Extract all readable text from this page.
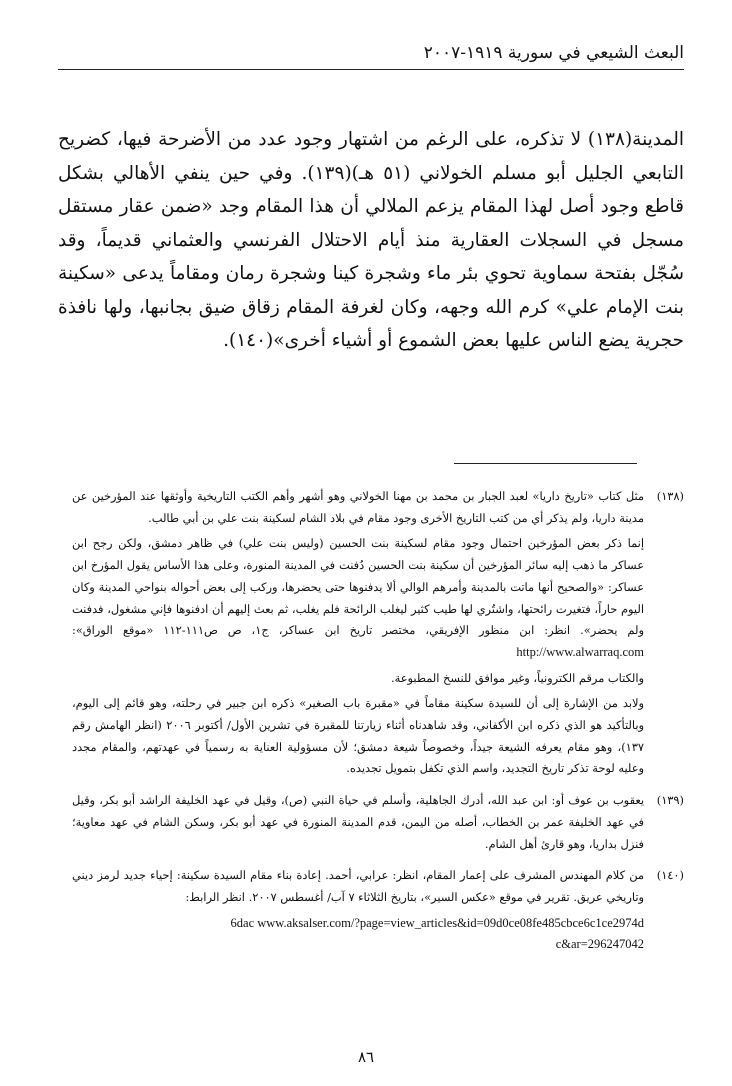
البعث الشيعي في سورية ١٩١٩-٢٠٠٧

المدينة(١٣٨) لا تذكره، على الرغم من اشتهار وجود عدد من الأضرحة فيها، كضريح التابعي الجليل أبو مسلم الخولاني (٥١ هـ)(١٣٩). وفي حين ينفي الأهالي بشكل قاطع وجود أصل لهذا المقام يزعم الملالي أن هذا المقام وجد «ضمن عقار مستقل مسجل في السجلات العقارية منذ أيام الاحتلال الفرنسي والعثماني قديماً، وقد سُجّل بفتحة سماوية تحوي بئر ماء وشجرة كينا وشجرة رمان ومقاماً يدعى «سكينة بنت الإمام علي» كرم الله وجهه، وكان لغرفة المقام زقاق ضيق بجانبها، ولها نافذة حجرية يضع الناس عليها بعض الشموع أو أشياء أخرى»(١٤٠).

(١٣٨)

مثل كتاب «تاريخ داريا» لعبد الجبار بن محمد بن مهنا الخولاني وهو أشهر وأهم الكتب التاريخية وأوثقها عند المؤرخين عن مدينة داريا، ولم يذكر أي من كتب التاريخ الأخرى وجود مقام في بلاد الشام لسكينة بنت علي بن أبي طالب.

إنما ذكر بعض المؤرخين احتمال وجود مقام لسكينة بنت الحسين (وليس بنت علي) في ظاهر دمشق، ولكن رجح ابن عساكر ما ذهب إليه سائر المؤرخين أن سكينة بنت الحسين دُفنت في المدينة المنورة، وعلى هذا الأساس يقول المؤرخ ابن عساكر: «والصحيح أنها ماتت بالمدينة وأمرهم الوالي ألا يدفنوها حتى يحضرها، وركب إلى بعض أحواله بنواحي المدينة وكان اليوم حاراً، فتغيرت رائحتها، واشتُري لها طيب كثير ليغلب الرائحة فلم يغلب، ثم بعث إليهم أن ادفنوها فإني مشغول، فدفنت ولم يحضر». انظر: ابن منظور الإفريقي، مختصر تاريخ ابن عساكر، ج١، ص ص١١١-١١٢ «موقع الوراق»: http://www.alwarraq.com

والكتاب مرقم الكترونياً، وغير موافق للنسخ المطبوعة.

ولابد من الإشارة إلى أن للسيدة سكينة مقاماً في «مقبرة باب الصغير» ذكره ابن جبير في رحلته، وهو قائم إلى اليوم، وبالتأكيد هو الذي ذكره ابن الأكفاني، وقد شاهدناه أثناء زيارتنا للمقبرة في تشرين الأول/ أكتوبر ٢٠٠٦ (انظر الهامش رقم ١٣٧)، وهو مقام يعرفه الشيعة جيداً، وخصوصاً شيعة دمشق؛ لأن مسؤولية العناية به رسمياً في عهدتهم، والمقام مجدد وعليه لوحة تذكر تاريخ التجديد، واسم الذي تكفل بتمويل تجديده.

(١٣٩)

يعقوب بن عوف أو: ابن عبد الله، أدرك الجاهلية، وأسلم في حياة النبي (ص)، وقيل في عهد الخليفة الراشد أبو بكر، وقيل في عهد الخليفة عمر بن الخطاب، أصله من اليمن، قدم المدينة المنورة في عهد أبو بكر، وسكن الشام في عهد معاوية؛ فنزل بداريا، وهو قارئ أهل الشام.

(١٤٠)

من كلام المهندس المشرف على إعمار المقام، انظر: عرابي، أحمد. إعادة بناء مقام السيدة سكينة: إحياء جديد لرمز ديني وتاريخي عريق. تقرير في موقع «عكس السير»، بتاريخ الثلاثاء ٧ آب/ أغسطس ٢٠٠٧. انظر الرابط:

6dac www.aksalser.com/?page=view_articles&id=09d0ce08fe485cbce6c1ce2974d
c&ar=296247042
٨٦
